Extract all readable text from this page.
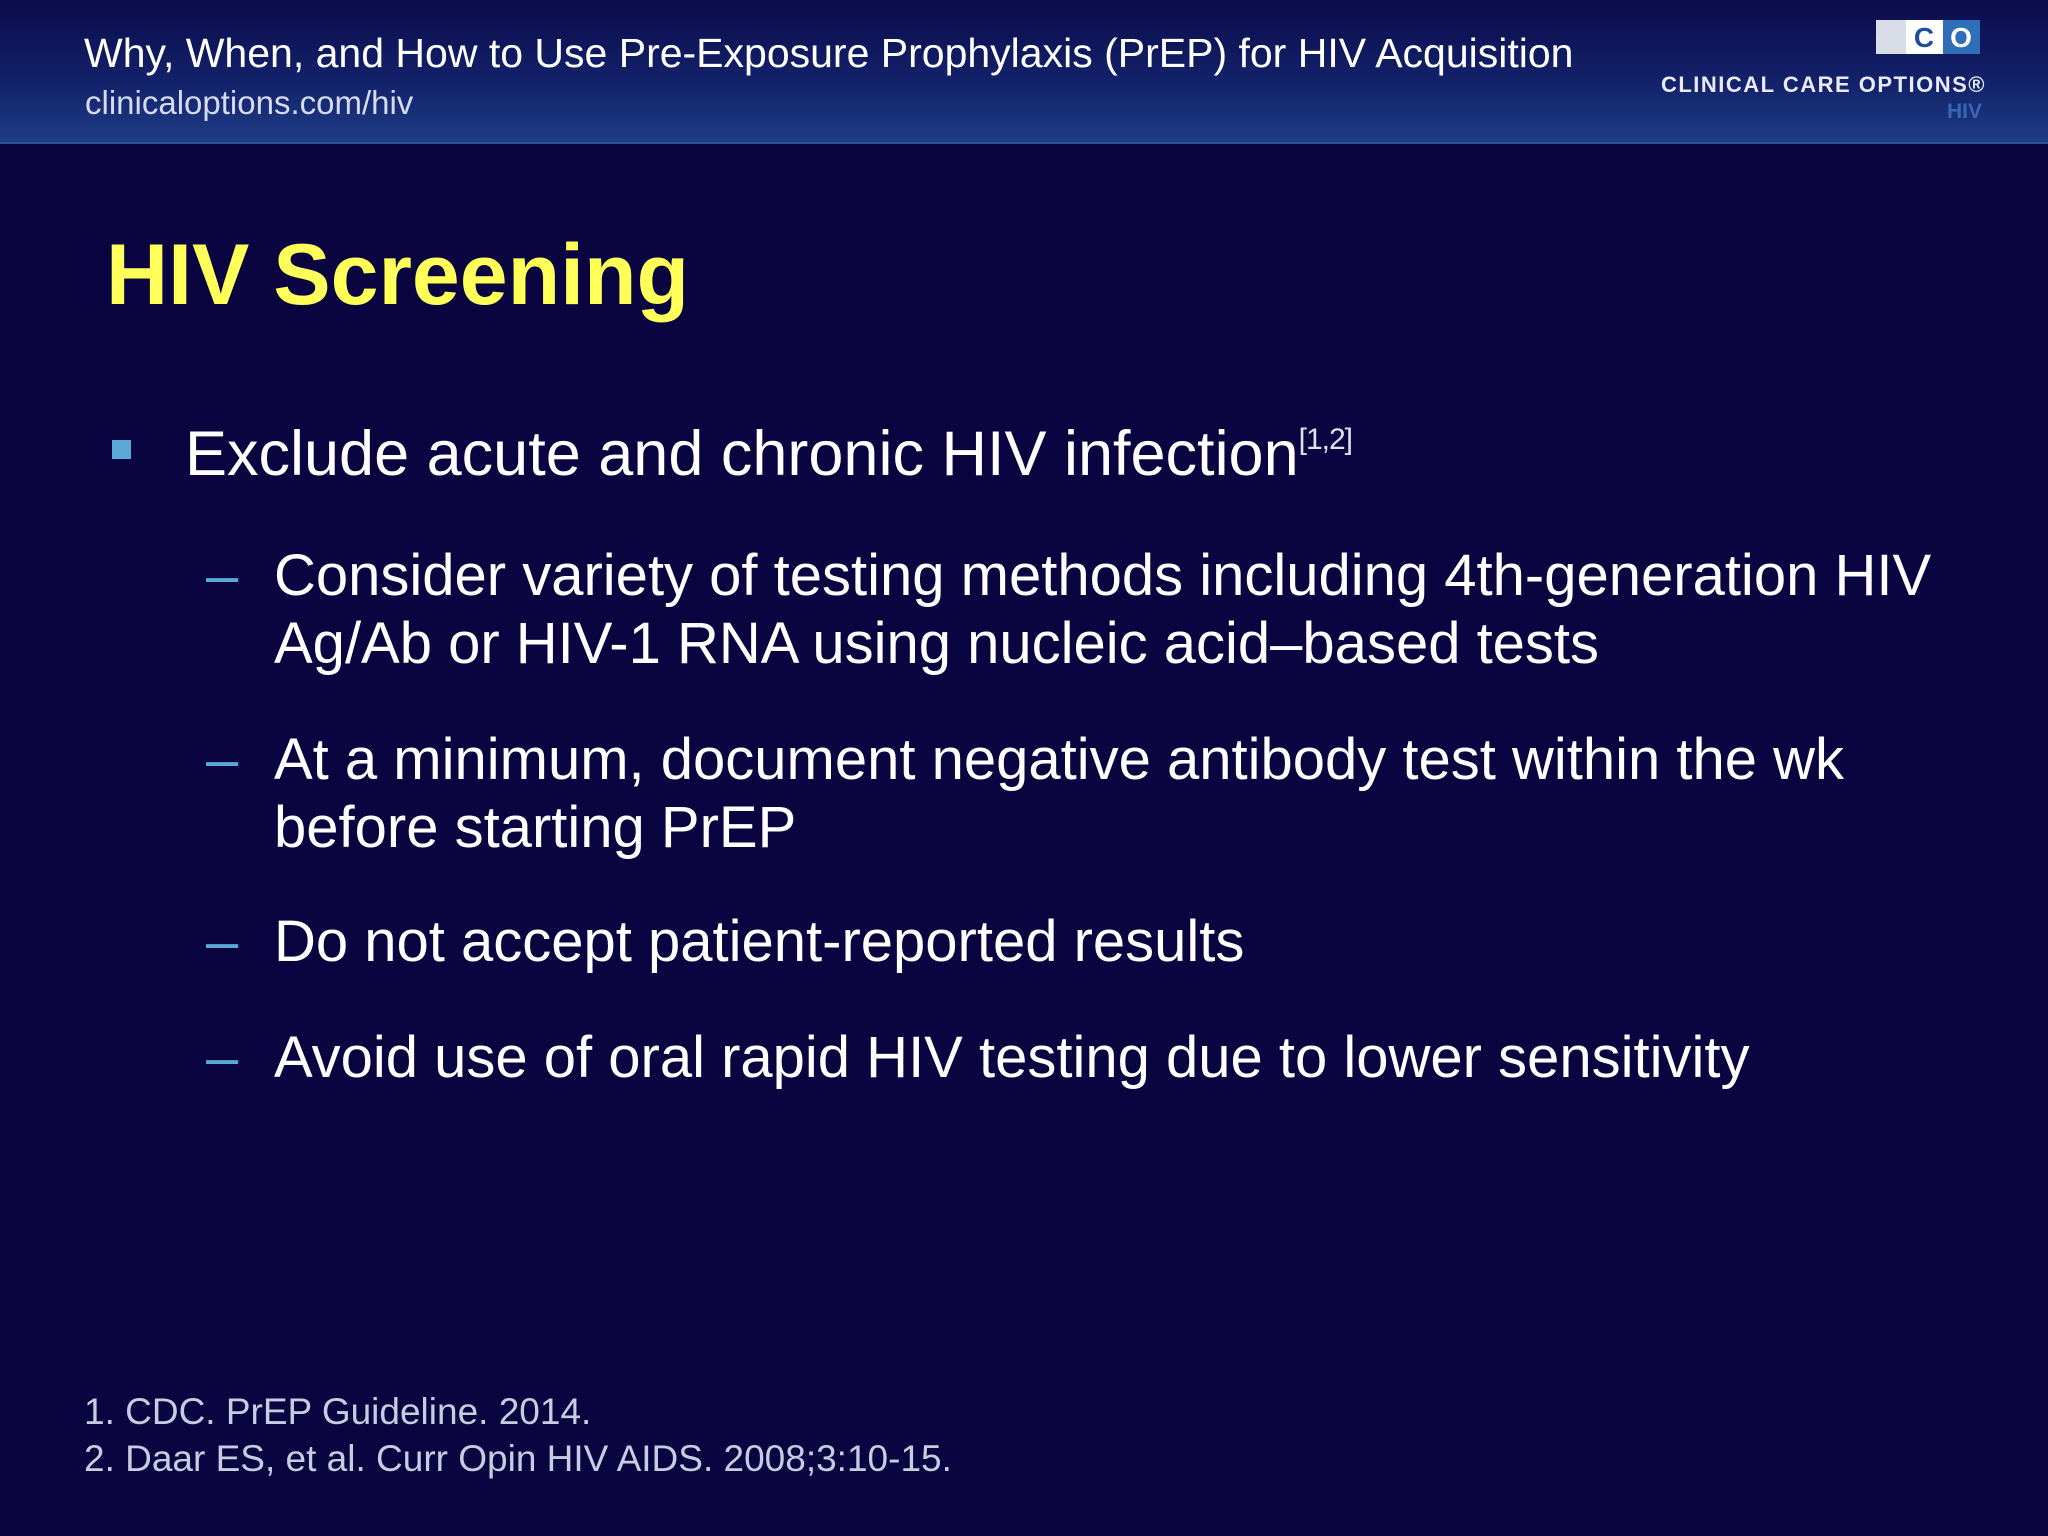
Why, When, and How to Use Pre-Exposure Prophylaxis (PrEP) for HIV Acquisition
clinicaloptions.com/hiv
C O
CLINICAL CARE OPTIONS®
HIV
HIV Screening
Exclude acute and chronic HIV infection[1,2]
– Consider variety of testing methods including 4th-generation HIV Ag/Ab or HIV-1 RNA using nucleic acid–based tests
– At a minimum, document negative antibody test within the wk before starting PrEP
– Do not accept patient-reported results
– Avoid use of oral rapid HIV testing due to lower sensitivity
1. CDC. PrEP Guideline. 2014.
2. Daar ES, et al. Curr Opin HIV AIDS. 2008;3:10-15.
